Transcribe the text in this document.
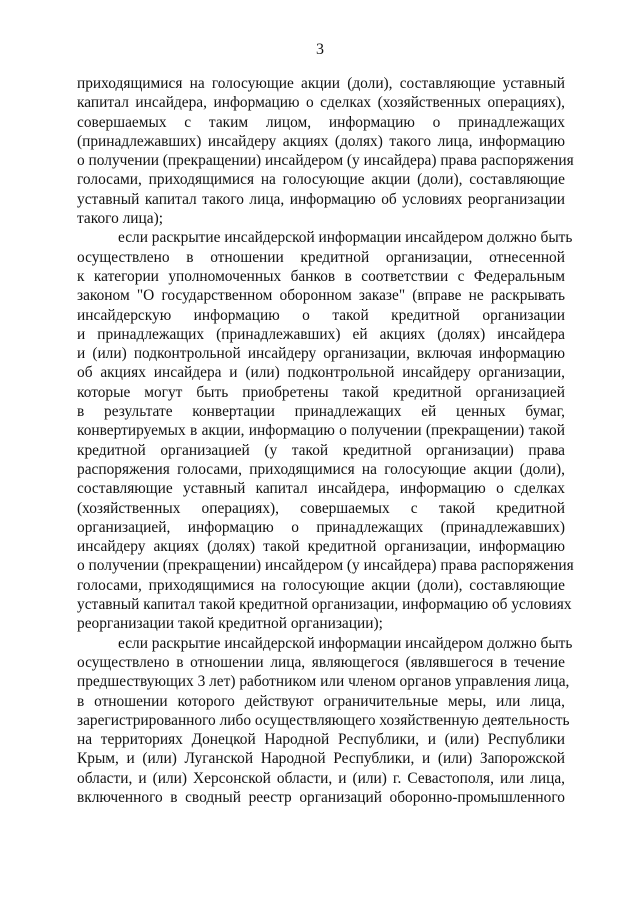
3
приходящимися на голосующие акции (доли), составляющие уставный
капитал инсайдера, информацию о сделках (хозяйственных операциях),
совершаемых с таким лицом, информацию о принадлежащих
(принадлежавших) инсайдеру акциях (долях) такого лица, информацию
о получении (прекращении) инсайдером (у инсайдера) права распоряжения
голосами, приходящимися на голосующие акции (доли), составляющие
уставный капитал такого лица, информацию об условиях реорганизации
такого лица);
если раскрытие инсайдерской информации инсайдером должно быть
осуществлено в отношении кредитной организации, отнесенной
к категории уполномоченных банков в соответствии с Федеральным
законом "О государственном оборонном заказе" (вправе не раскрывать
инсайдерскую информацию о такой кредитной организации
и принадлежащих (принадлежавших) ей акциях (долях) инсайдера
и (или) подконтрольной инсайдеру организации, включая информацию
об акциях инсайдера и (или) подконтрольной инсайдеру организации,
которые могут быть приобретены такой кредитной организацией
в результате конвертации принадлежащих ей ценных бумаг,
конвертируемых в акции, информацию о получении (прекращении) такой
кредитной организацией (у такой кредитной организации) права
распоряжения голосами, приходящимися на голосующие акции (доли),
составляющие уставный капитал инсайдера, информацию о сделках
(хозяйственных операциях), совершаемых с такой кредитной
организацией, информацию о принадлежащих (принадлежавших)
инсайдеру акциях (долях) такой кредитной организации, информацию
о получении (прекращении) инсайдером (у инсайдера) права распоряжения
голосами, приходящимися на голосующие акции (доли), составляющие
уставный капитал такой кредитной организации, информацию об условиях
реорганизации такой кредитной организации);
если раскрытие инсайдерской информации инсайдером должно быть
осуществлено в отношении лица, являющегося (являвшегося в течение
предшествующих 3 лет) работником или членом органов управления лица,
в отношении которого действуют ограничительные меры, или лица,
зарегистрированного либо осуществляющего хозяйственную деятельность
на территориях Донецкой Народной Республики, и (или) Республики
Крым, и (или) Луганской Народной Республики, и (или) Запорожской
области, и (или) Херсонской области, и (или) г. Севастополя, или лица,
включенного в сводный реестр организаций оборонно-промышленного
